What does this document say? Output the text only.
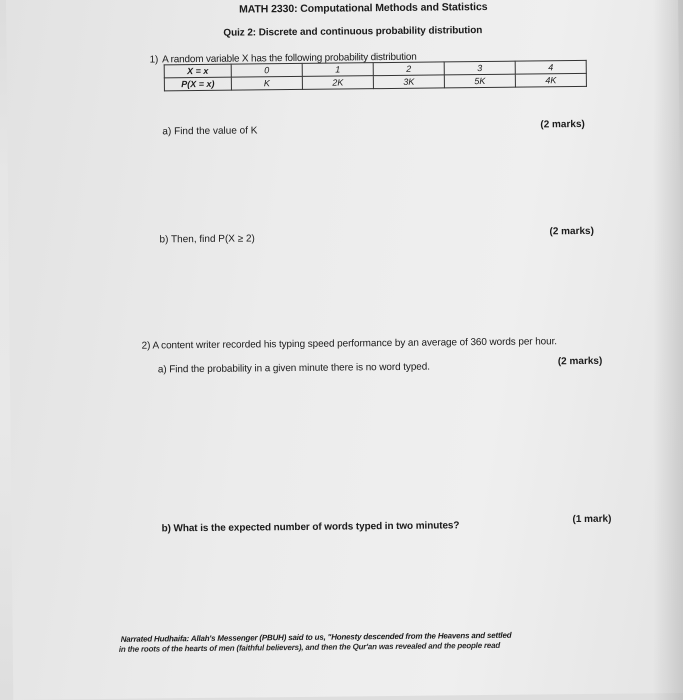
MATH 2330: Computational Methods and Statistics
Quiz 2: Discrete and continuous probability distribution
1) A random variable X has the following probability distribution
X = x	0	1	2	3	4
P(X = x)	K	2K	3K	5K	4K
a) Find the value of K
(2 marks)
b) Then, find P(X ≥ 2)
(2 marks)
2) A content writer recorded his typing speed performance by an average of 360 words per hour.
a) Find the probability in a given minute there is no word typed.
(2 marks)
b) What is the expected number of words typed in two minutes?
(1 mark)
Narrated Hudhaifa: Allah's Messenger (PBUH) said to us, "Honesty descended from the Heavens and settled
in the roots of the hearts of men (faithful believers), and then the Qur'an was revealed and the people read
